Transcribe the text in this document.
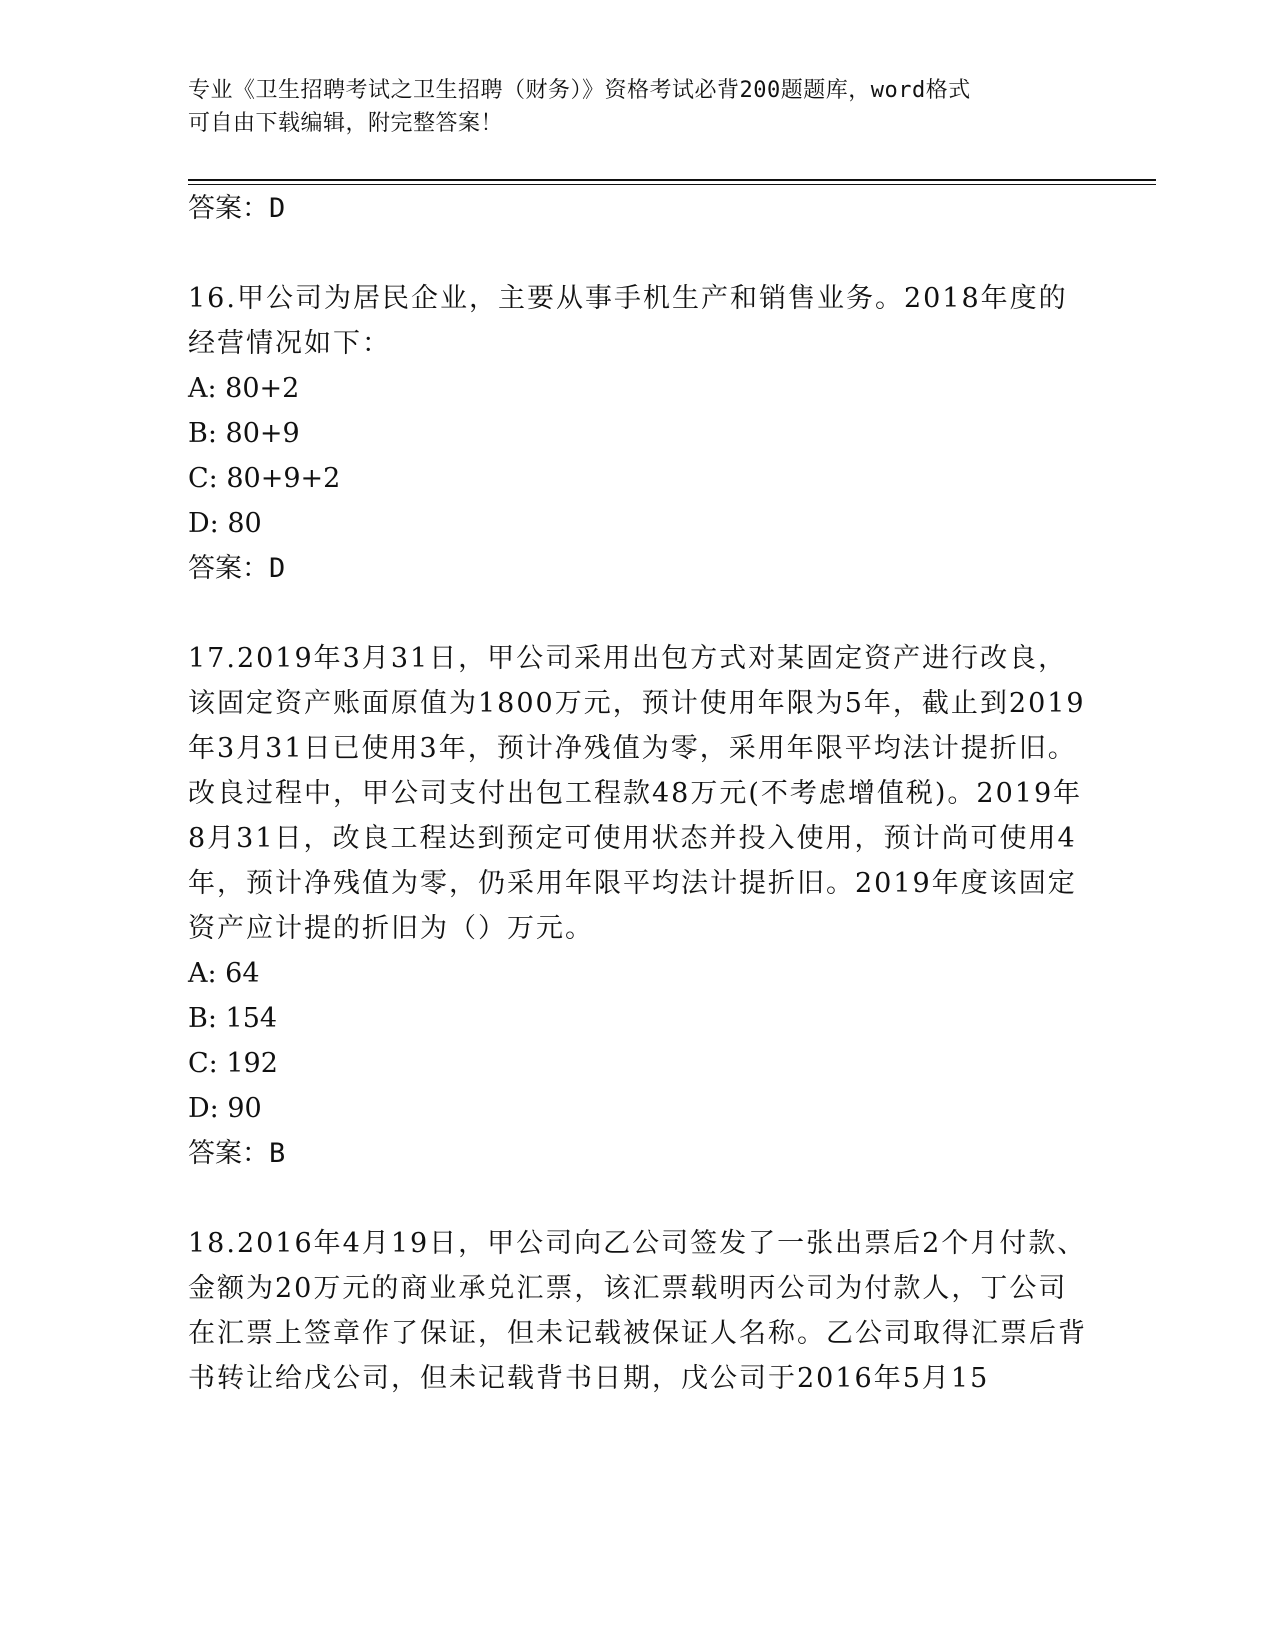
专业《卫生招聘考试之卫生招聘（财务）》资格考试必背200题题库，word格式
可自由下载编辑，附完整答案！

答案：D

16.甲公司为居民企业，主要从事手机生产和销售业务。2018年度的经营情况如下：

A: 80+2

B: 80+9

C: 80+9+2

D: 80

答案：D

17.2019年3月31日，甲公司采用出包方式对某固定资产进行改良，该固定资产账面原值为1800万元，预计使用年限为5年，截止到2019年3月31日已使用3年，预计净残值为零，采用年限平均法计提折旧。改良过程中，甲公司支付出包工程款48万元(不考虑增值税)。2019年8月31日，改良工程达到预定可使用状态并投入使用，预计尚可使用4年，预计净残值为零，仍采用年限平均法计提折旧。2019年度该固定资产应计提的折旧为（）万元。

A: 64

B: 154

C: 192

D: 90

答案：B

18.2016年4月19日，甲公司向乙公司签发了一张出票后2个月付款、金额为20万元的商业承兑汇票，该汇票载明丙公司为付款人，丁公司在汇票上签章作了保证，但未记载被保证人名称。乙公司取得汇票后背书转让给戊公司，但未记载背书日期，戊公司于2016年5月15
